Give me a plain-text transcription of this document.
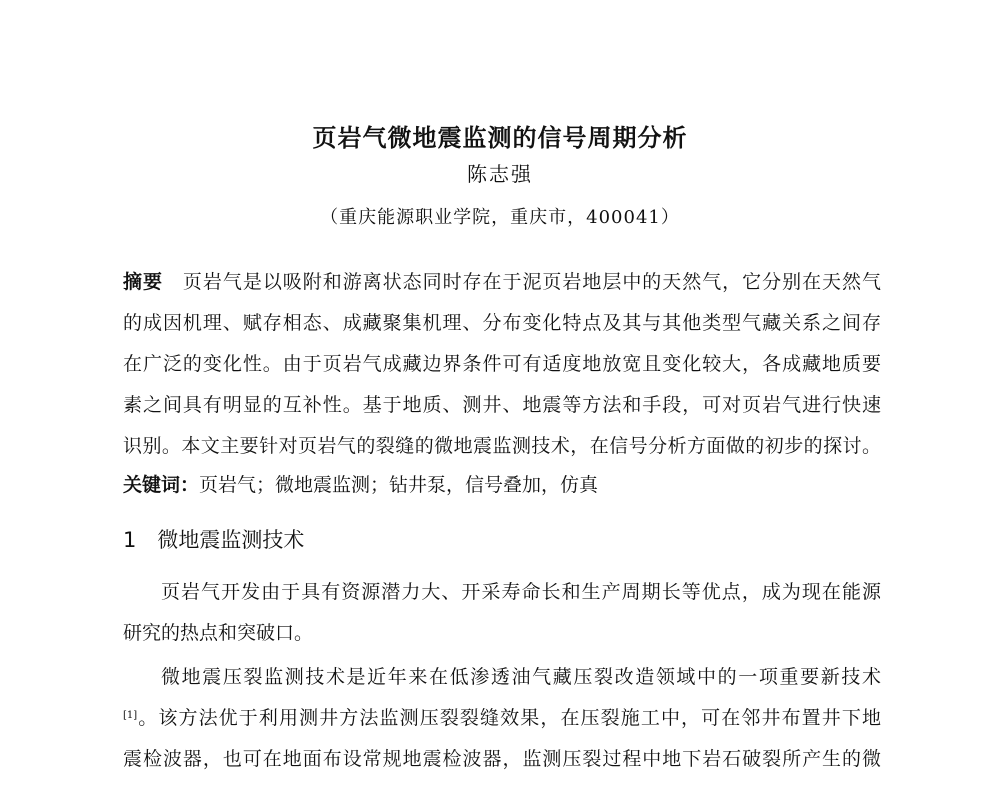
页岩气微地震监测的信号周期分析
陈志强
（重庆能源职业学院，重庆市，400041）
摘要  页岩气是以吸附和游离状态同时存在于泥页岩地层中的天然气，它分别在天然气
的成因机理、赋存相态、成藏聚集机理、分布变化特点及其与其他类型气藏关系之间存
在广泛的变化性。由于页岩气成藏边界条件可有适度地放宽且变化较大，各成藏地质要
素之间具有明显的互补性。基于地质、测井、地震等方法和手段，可对页岩气进行快速
识别。本文主要针对页岩气的裂缝的微地震监测技术，在信号分析方面做的初步的探讨。
关键词：页岩气；微地震监测；钻井泵，信号叠加，仿真
1  微地震监测技术
页岩气开发由于具有资源潜力大、开采寿命长和生产周期长等优点，成为现在能源
研究的热点和突破口。
微地震压裂监测技术是近年来在低渗透油气藏压裂改造领域中的一项重要新技术
[1]。该方法优于利用测井方法监测压裂裂缝效果，在压裂施工中，可在邻井布置井下地
震检波器，也可在地面布设常规地震检波器，监测压裂过程中地下岩石破裂所产生的微
